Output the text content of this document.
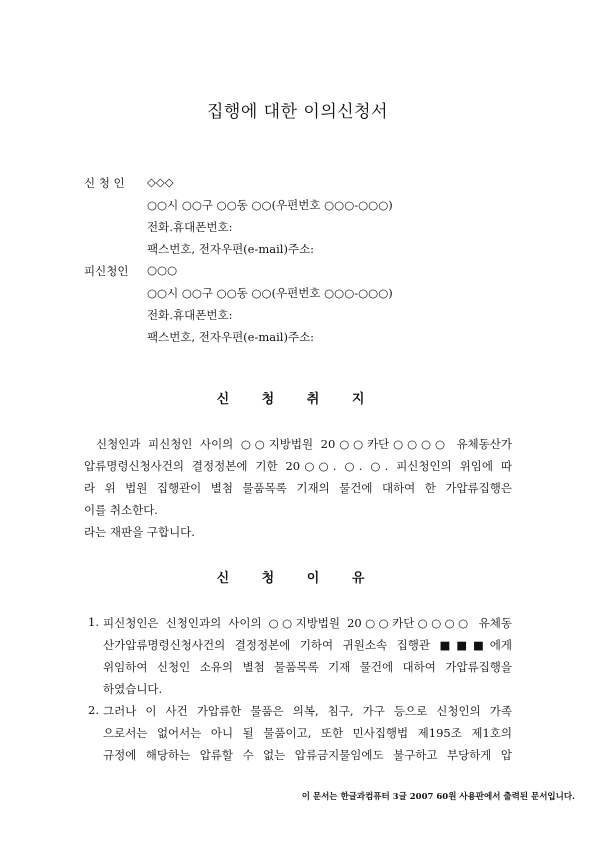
집행에 대한 이의신청서
신 청 인 ◇◇◇
○○시 ○○구 ○○동 ○○(우편번호 ○○○-○○○)
전화․휴대폰번호:
팩스번호, 전자우편(e-mail)주소:
피신청인 ○○○
○○시 ○○구 ○○동 ○○(우편번호 ○○○-○○○)
전화․휴대폰번호:
팩스번호, 전자우편(e-mail)주소:
신 청 취 지
신청인과 피신청인 사이의 ○○지방법원 20○○카단○○○○ 유체동산가
압류명령신청사건의 결정정본에 기한 20○○. ○. ○. 피신청인의 위임에 따
라 위 법원 집행관이 별첨 물품목록 기재의 물건에 대하여 한 가압류집행은
이를 취소한다.
라는 재판을 구합니다.
신 청 이 유
1. 피신청인은 신청인과의 사이의 ○○지방법원 20○○카단○○○○ 유체동
산가압류명령신청사건의 결정정본에 기하여 귀원소속 집행관 ■■■에게
위임하여 신청인 소유의 별첨 물품목록 기재 물건에 대하여 가압류집행을
하였습니다.
2. 그러나 이 사건 가압류한 물품은 의복, 침구, 가구 등으로 신청인의 가족
으로서는 없어서는 아니 될 물품이고, 또한 민사집행법 제195조 제1호의
규정에 해당하는 압류할 수 없는 압류금지물임에도 불구하고 부당하게 압
이 문서는 한글과컴퓨터 3글 2007 60원 사용판에서 출력된 문서입니다.
